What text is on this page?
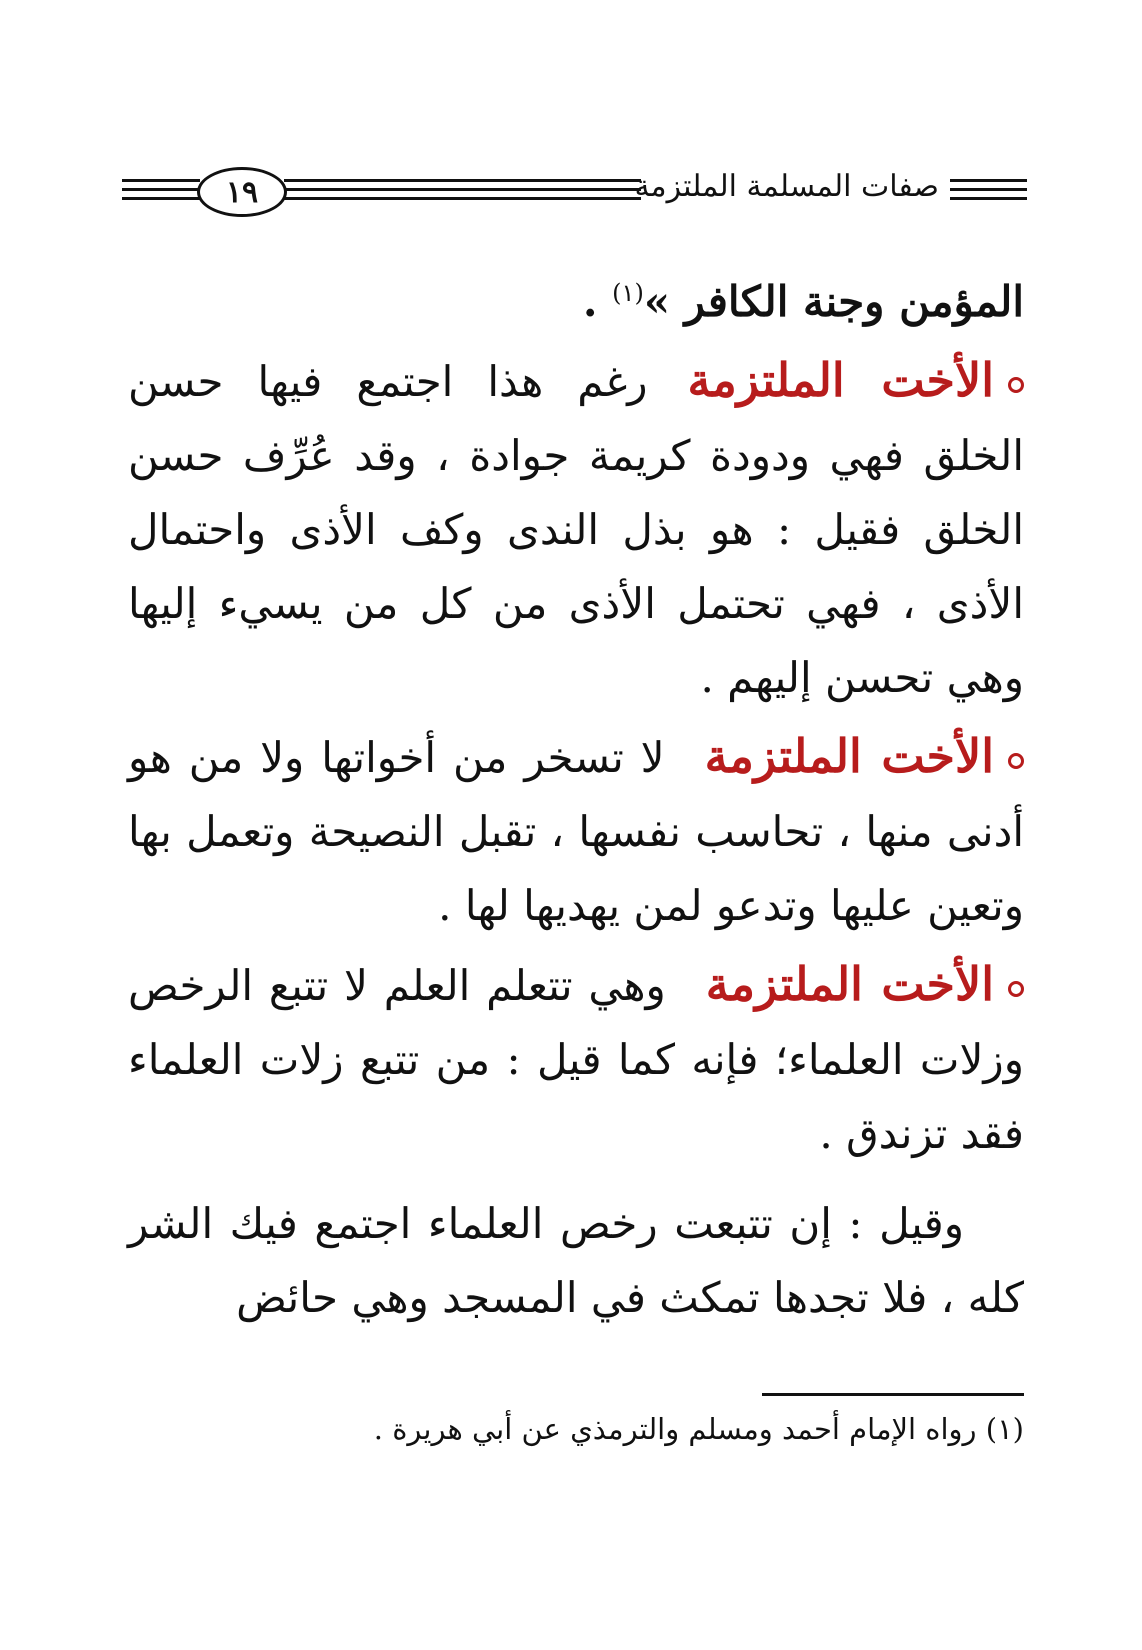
١٩	صفات المسلمة الملتزمة

المؤمن وجنة الكافر »$^{(١)}$ .

الأخت الملتزمةرغم هذا اجتمع فيها حسن الخلق فهي ودودة كريمة جوادة ، وقد عُرِّف حسن الخلق فقيل : هو بذل الندى وكف الأذى واحتمال الأذى ، فهي تحتمل الأذى من كل من يسيء إليها وهي تحسن إليهم .

الأخت الملتزمةلا تسخر من أخواتها ولا من هو أدنى منها ، تحاسب نفسها ، تقبل النصيحة وتعمل بها وتعين عليها وتدعو لمن يهديها لها .

الأخت الملتزمةوهي تتعلم العلم لا تتبع الرخص وزلات العلماء؛ فإنه كما قيل : من تتبع زلات العلماء فقد تزندق .

وقيل : إن تتبعت رخص العلماء اجتمع فيك الشر كله ، فلا تجدها تمكث في المسجد وهي حائض

(١) رواه الإمام أحمد ومسلم والترمذي عن أبي هريرة .
